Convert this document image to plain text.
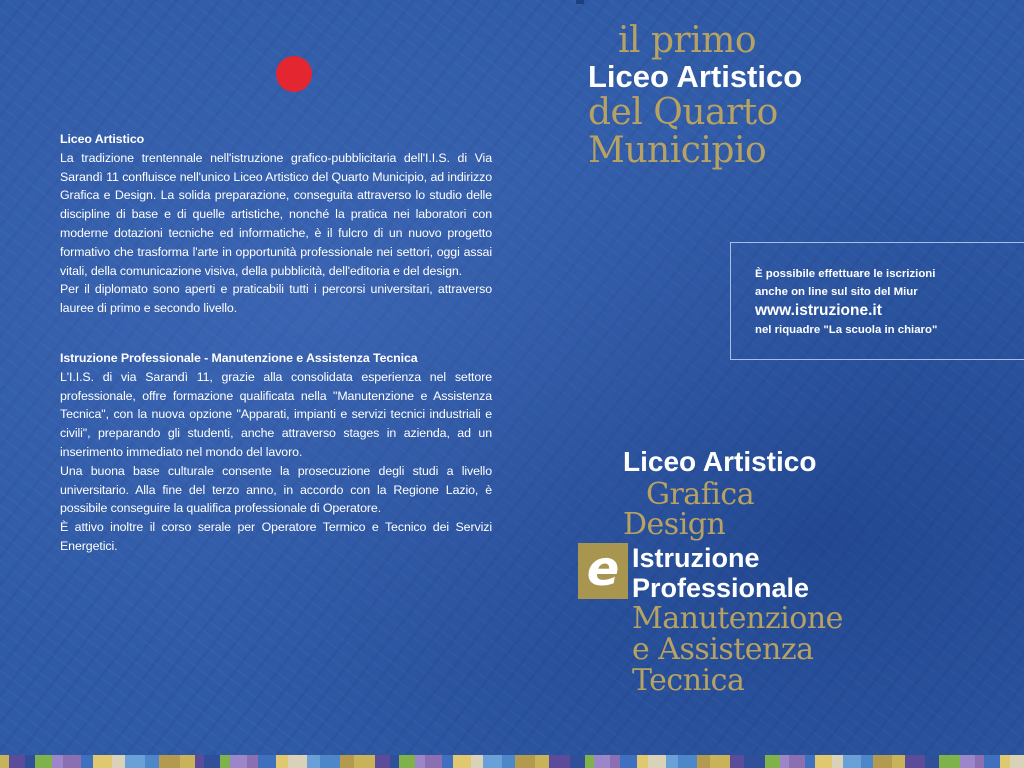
il primo
Liceo Artistico
del Quarto
Municipio
Liceo Artistico

La tradizione trentennale nell'istruzione grafico-pubblicitaria dell'I.I.S. di Via Sarandì 11 confluisce nell'unico Liceo Artistico del Quarto Municipio, ad indirizzo Grafica e Design. La solida preparazione, conseguita attraverso lo studio delle discipline di base e di quelle artistiche, nonché la pratica nei laboratori con moderne dotazioni tecniche ed informatiche, è il fulcro di un nuovo progetto formativo che trasforma l'arte in opportunità professionale nei settori, oggi assai vitali, della comunicazione visiva, della pubblicità, dell'editoria e del design.

Per il diplomato sono aperti e praticabili tutti i percorsi universitari, attraverso lauree di primo e secondo livello.

Istruzione Professionale - Manutenzione e Assistenza Tecnica

L'I.I.S. di via Sarandì 11, grazie alla consolidata esperienza nel settore professionale, offre formazione qualificata nella "Manutenzione e Assistenza Tecnica", con la nuova opzione "Apparati, impianti e servizi tecnici industriali e civili", preparando gli studenti, anche attraverso stages in azienda, ad un inserimento immediato nel mondo del lavoro.

Una buona base culturale consente la prosecuzione degli studi a livello universitario. Alla fine del terzo anno, in accordo con la Regione Lazio, è possibile conseguire la qualifica professionale di Operatore.

È attivo inoltre il corso serale per Operatore Termico e Tecnico dei Servizi Energetici.

È possibile effettuare le iscrizioni
anche on line sul sito del Miur
www.istruzione.it
nel riquadre "La scuola in chiaro"
e
Liceo Artistico
Grafica
Design
Istruzione
Professionale
Manutenzione
e Assistenza
Tecnica
